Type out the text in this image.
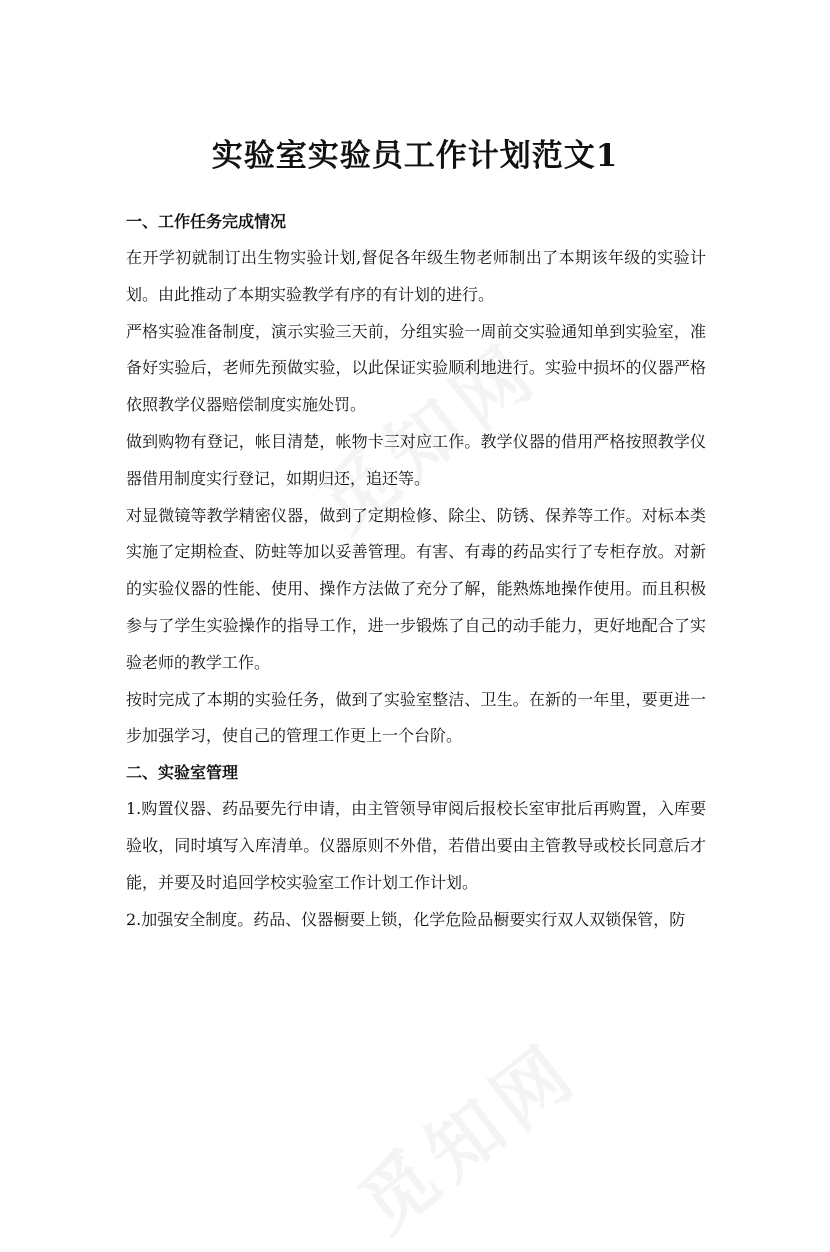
实验室实验员工作计划范文1
一、工作任务完成情况

在开学初就制订出生物实验计划,督促各年级生物老师制出了本期该年级的实验计划。由此推动了本期实验教学有序的有计划的进行。

严格实验准备制度，演示实验三天前，分组实验一周前交实验通知单到实验室，准备好实验后，老师先预做实验，以此保证实验顺利地进行。实验中损坏的仪器严格依照教学仪器赔偿制度实施处罚。

做到购物有登记，帐目清楚，帐物卡三对应工作。教学仪器的借用严格按照教学仪器借用制度实行登记，如期归还，追还等。

对显微镜等教学精密仪器，做到了定期检修、除尘、防锈、保养等工作。对标本类实施了定期检查、防蛀等加以妥善管理。有害、有毒的药品实行了专柜存放。对新的实验仪器的性能、使用、操作方法做了充分了解，能熟炼地操作使用。而且积极参与了学生实验操作的指导工作，进一步锻炼了自己的动手能力，更好地配合了实验老师的教学工作。

按时完成了本期的实验任务，做到了实验室整洁、卫生。在新的一年里，要更进一步加强学习，使自己的管理工作更上一个台阶。

二、实验室管理

1.购置仪器、药品要先行申请，由主管领导审阅后报校长室审批后再购置，入库要验收，同时填写入库清单。仪器原则不外借，若借出要由主管教导或校长同意后才能，并要及时追回学校实验室工作计划工作计划。

2.加强安全制度。药品、仪器橱要上锁，化学危险品橱要实行双人双锁保管，防
